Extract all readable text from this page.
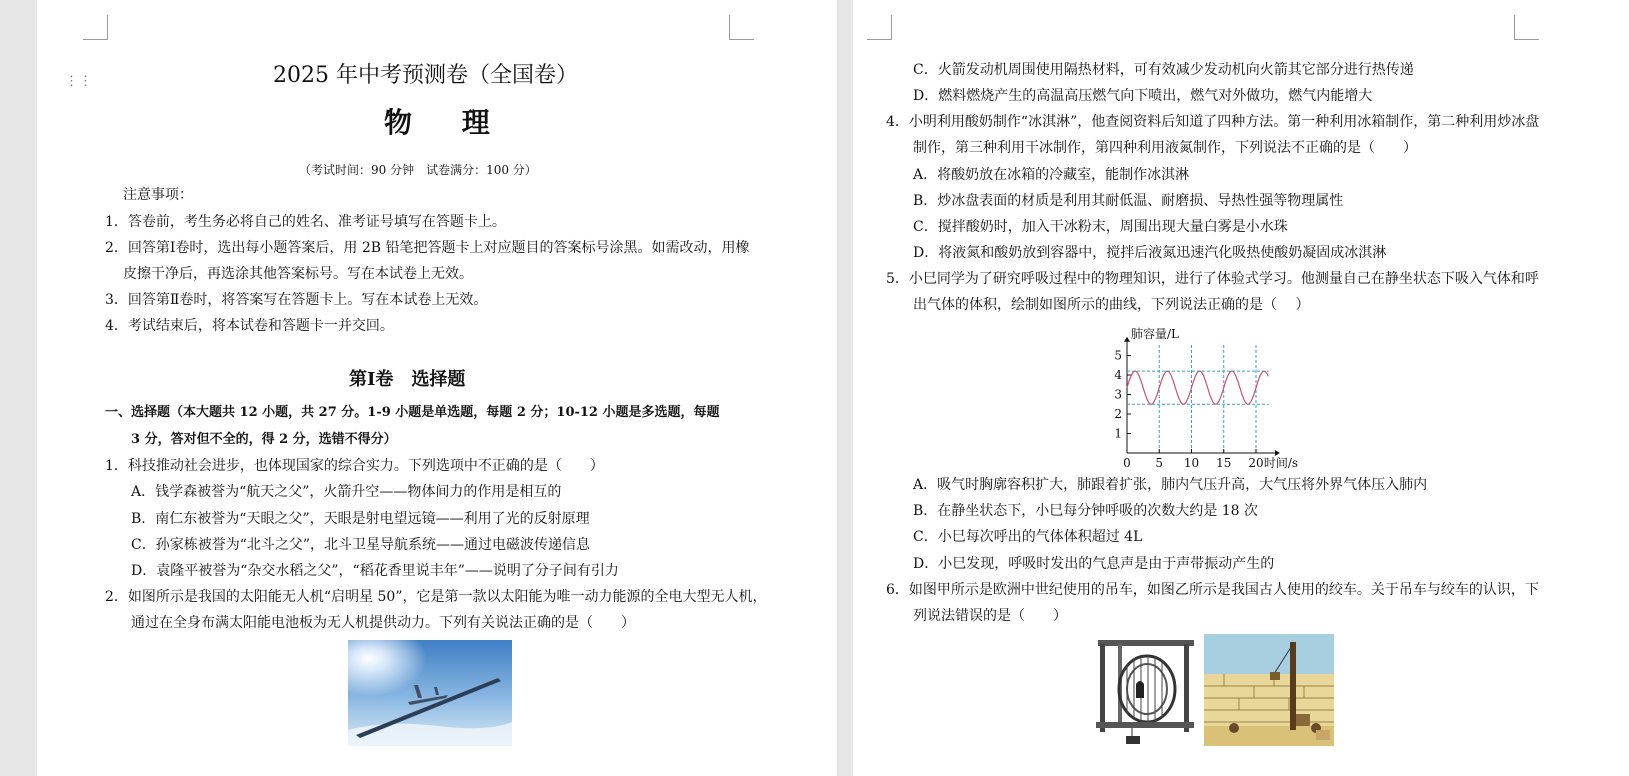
⋮⋮	2025 年中考预测卷（全国卷）
物 理
（考试时间：90 分钟　试卷满分：100 分）
注意事项：
1．答卷前，考生务必将自己的姓名、准考证号填写在答题卡上。
2．回答第Ⅰ卷时，选出每小题答案后，用 2B 铅笔把答题卡上对应题目的答案标号涂黑。如需改动，用橡
皮擦干净后，再选涂其他答案标号。写在本试卷上无效。
3．回答第Ⅱ卷时，将答案写在答题卡上。写在本试卷上无效。
4．考试结束后，将本试卷和答题卡一并交回。
第Ⅰ卷　选择题
一、选择题（本大题共 12 小题，共 27 分。1-9 小题是单选题，每题 2 分；10-12 小题是多选题，每题
3 分，答对但不全的，得 2 分，选错不得分）
1．科技推动社会进步，也体现国家的综合实力。下列选项中不正确的是（　　）
A．钱学森被誉为“航天之父”，火箭升空——物体间力的作用是相互的
B．南仁东被誉为“天眼之父”，天眼是射电望远镜——利用了光的反射原理
C．孙家栋被誉为“北斗之父”，北斗卫星导航系统——通过电磁波传递信息
D．袁隆平被誉为“杂交水稻之父”，“稻花香里说丰年”——说明了分子间有引力
2．如图所示是我国的太阳能无人机“启明星 50”，它是第一款以太阳能为唯一动力能源的全电大型无人机，
通过在全身布满太阳能电池板为无人机提供动力。下列有关说法正确的是（　　）
C．火箭发动机周围使用隔热材料，可有效减少发动机向火箭其它部分进行热传递
D．燃料燃烧产生的高温高压燃气向下喷出，燃气对外做功，燃气内能增大
4．小明利用酸奶制作“冰淇淋”，他查阅资料后知道了四种方法。第一种利用冰箱制作，第二种利用炒冰盘
制作，第三种利用干冰制作，第四种利用液氮制作，下列说法不正确的是（　　）
A．将酸奶放在冰箱的冷藏室，能制作冰淇淋
B．炒冰盘表面的材质是利用其耐低温、耐磨损、导热性强等物理属性
C．搅拌酸奶时，加入干冰粉末，周围出现大量白雾是小水珠
D．将液氮和酸奶放到容器中，搅拌后液氮迅速汽化吸热使酸奶凝固成冰淇淋
5．小巳同学为了研究呼吸过程中的物理知识，进行了体验式学习。他测量自己在静坐状态下吸入气体和呼
出气体的体积，绘制如图所示的曲线，下列说法正确的是（　 ）
1
2
3
4
5
0 5 10 15 20
肺容量/L
时间/s
A．吸气时胸廓容积扩大，肺跟着扩张，肺内气压升高，大气压将外界气体压入肺内
B．在静坐状态下，小巳每分钟呼吸的次数大约是 18 次
C．小巳每次呼出的气体体积超过 4L
D．小巳发现，呼吸时发出的气息声是由于声带振动产生的
6．如图甲所示是欧洲中世纪使用的吊车，如图乙所示是我国古人使用的绞车。关于吊车与绞车的认识，下
列说法错误的是（　　）
